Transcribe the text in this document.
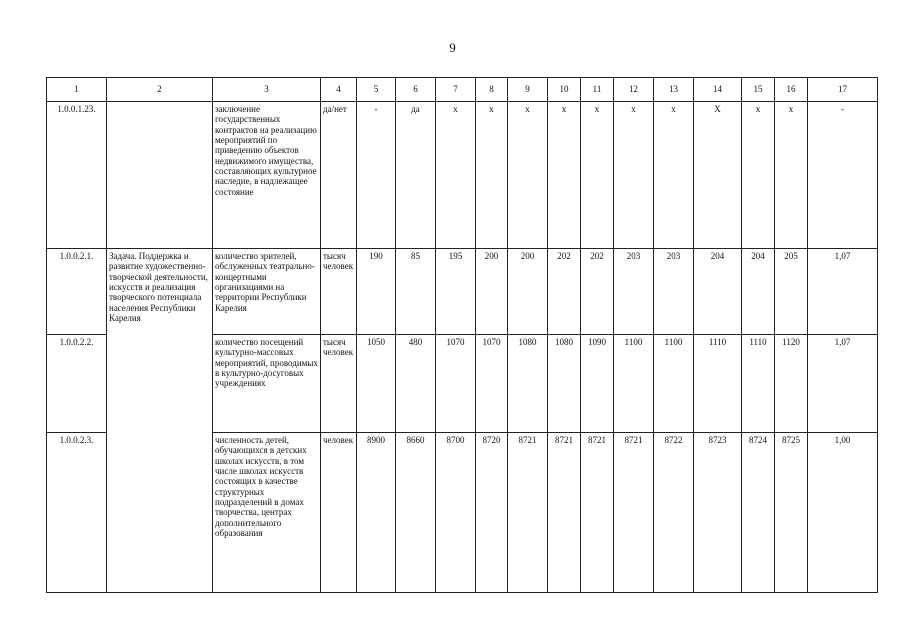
9
1	2	3	4	5	6	7	8	9	10	11	12	13	14	15	16	17
1.0.0.1.23.		заключение государственных контрактов на реализацию мероприятий по приведению объектов недвижимого имущества, составляющих культурное наследие, в надлежащее состояние	да/нет	-	да	х	х	х	х	х	х	х	Х	х	х	-
1.0.0.2.1.	Задача. Поддержка и развитие художественно-творческой деятельности, искусств и реализация творческого потенциала населения Республики Карелия	количество зрителей, обслуженных театрально-концертными организациями на территории Республики Карелия	тысяч человек	190	85	195	200	200	202	202	203	203	204	204	205	1,07
1.0.0.2.2.		количество посещений культурно-массовых мероприятий, проводимых в культурно-досуговых учреждениях	тысяч человек	1050	480	1070	1070	1080	1080	1090	1100	1100	1110	1110	1120	1,07
1.0.0.2.3.		численность детей, обучающихся в детских школах искусств, в том числе школах искусств состоящих в качестве структурных подразделений в домах творчества, центрах дополнительного образования	человек	8900	8660	8700	8720	8721	8721	8721	8721	8722	8723	8724	8725	1,00
